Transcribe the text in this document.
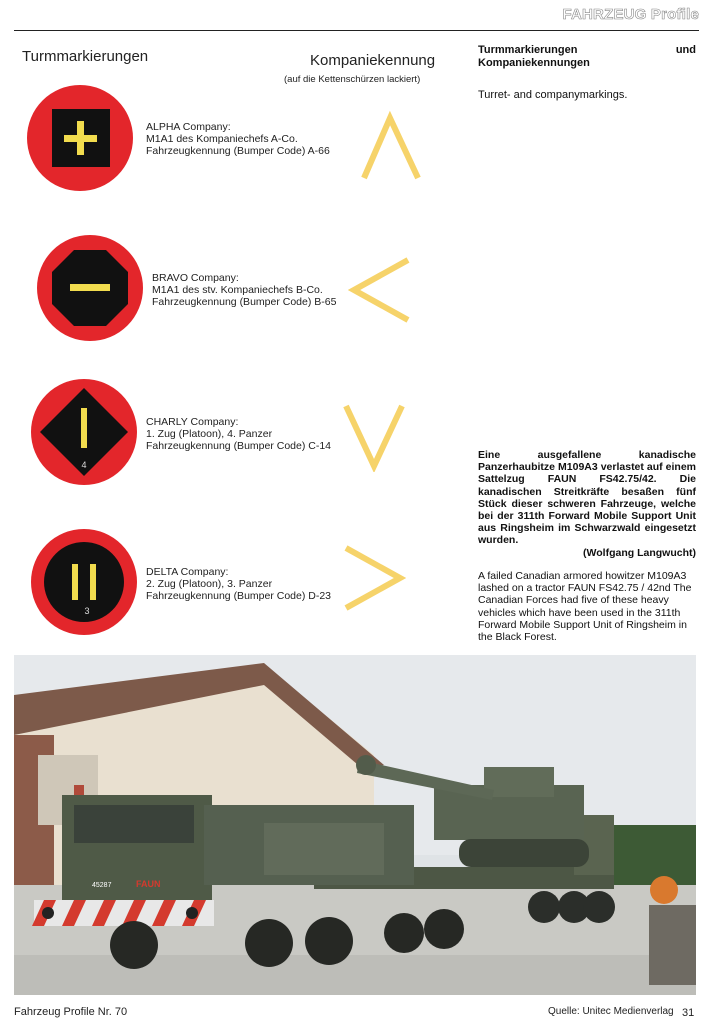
FAHRZEUG Profile
Turmmarkierungen	Kompaniekennung
(auf die Kettenschürzen lackiert)
ALPHA Company:
M1A1 des Kompaniechefs A-Co.
Fahrzeugkennung (Bumper Code) A-66
BRAVO Company:
M1A1 des stv. Kompaniechefs B-Co.
Fahrzeugkennung (Bumper Code) B-65
4
CHARLY Company:
1. Zug (Platoon), 4. Panzer
Fahrzeugkennung (Bumper Code) C-14
3
DELTA Company:
2. Zug (Platoon), 3. Panzer
Fahrzeugkennung (Bumper Code) D-23
Turmmarkierungen und Kompaniekennungen
Turret- and companymarkings.
Eine ausgefallene kanadische Panzerhaubitze M109A3 verlastet auf einem Sattelzug FAUN FS42.75/42. Die kanadischen Streitkräfte besaßen fünf Stück dieser schweren Fahrzeuge, welche bei der 311th Forward Mobile Support Unit aus Ringsheim im Schwarzwald eingesetzt wurden.
(Wolfgang Langwucht)
A failed Canadian armored howitzer M109A3 lashed on a tractor FAUN FS42.75 / 42nd The Canadian Forces had five of these heavy vehicles which have been used in the 311th Forward Mobile Support Unit of Ringsheim in the Black Forest.
FAUN
45287
Fahrzeug Profile Nr. 70	Quelle: Unitec Medienverlag 31
